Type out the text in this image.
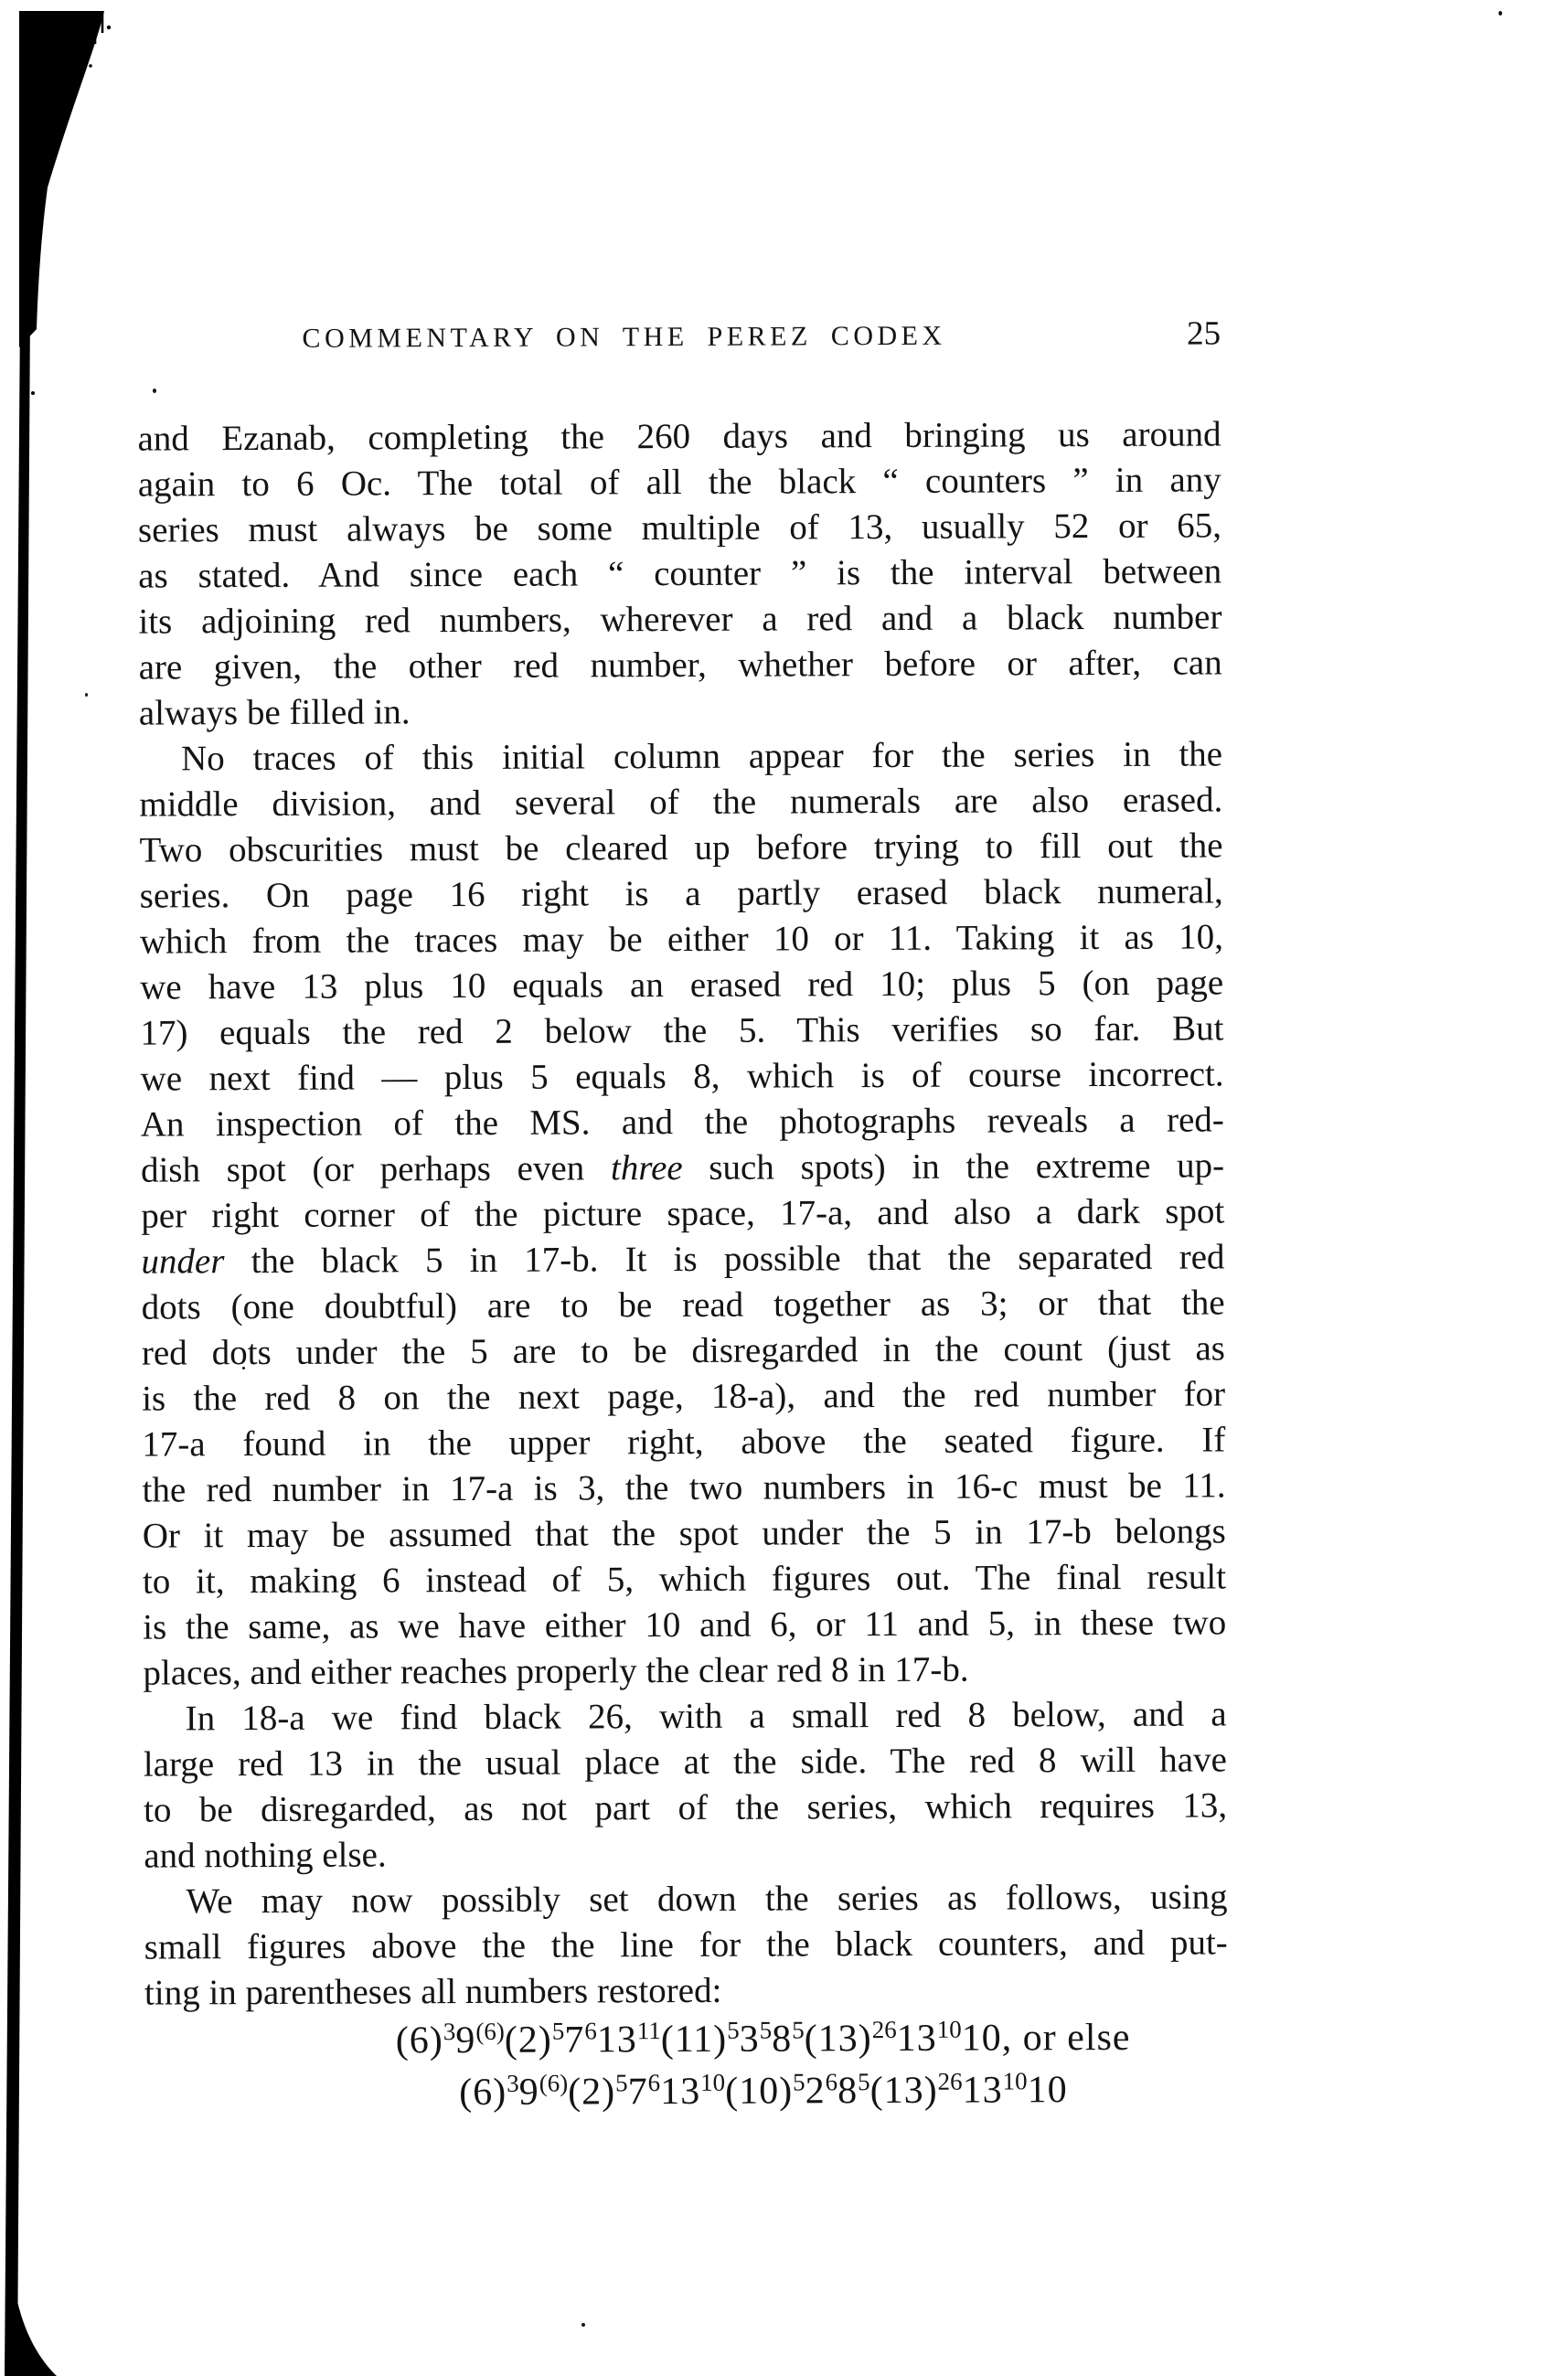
COMMENTARY ON THE PEREZ CODEX	25
and Ezanab, completing the 260 days and bringing us around
again to 6 Oc. The total of all the black “ counters ” in any
series must always be some multiple of 13, usually 52 or 65,
as stated. And since each “ counter ” is the interval between
its adjoining red numbers, wherever a red and a black number
are given, the other red number, whether before or after, can
always be filled in.
No traces of this initial column appear for the series in the
middle division, and several of the numerals are also erased.
Two obscurities must be cleared up before trying to fill out the
series. On page 16 right is a partly erased black numeral,
which from the traces may be either 10 or 11. Taking it as 10,
we have 13 plus 10 equals an erased red 10; plus 5 (on page
17) equals the red 2 below the 5. This verifies so far. But
we next find — plus 5 equals 8, which is of course incorrect.
An inspection of the MS. and the photographs reveals a red-
dish spot (or perhaps even three such spots) in the extreme up-
per right corner of the picture space, 17-a, and also a dark spot
under the black 5 in 17-b. It is possible that the separated red
dots (one doubtful) are to be read together as 3; or that the
red dots under the 5 are to be disregarded in the count (just as
is the red 8 on the next page, 18-a), and the red number for
17-a found in the upper right, above the seated figure. If
the red number in 17-a is 3, the two numbers in 16-c must be 11.
Or it may be assumed that the spot under the 5 in 17-b belongs
to it, making 6 instead of 5, which figures out. The final result
is the same, as we have either 10 and 6, or 11 and 5, in these two
places, and either reaches properly the clear red 8 in 17-b.
In 18-a we find black 26, with a small red 8 below, and a
large red 13 in the usual place at the side. The red 8 will have
to be disregarded, as not part of the series, which requires 13,
and nothing else.
We may now possibly set down the series as follows, using
small figures above the the line for the black counters, and put-
ting in parentheses all numbers restored:
$(6)^39^{(6)}(2)^57^613^{11}(11)^53^58^5(13)^{26}13^{10}10$, or else
$(6)^39^{(6)}(2)^57^613^{10}(10)^52^68^5(13)^{26}13^{10}10$
